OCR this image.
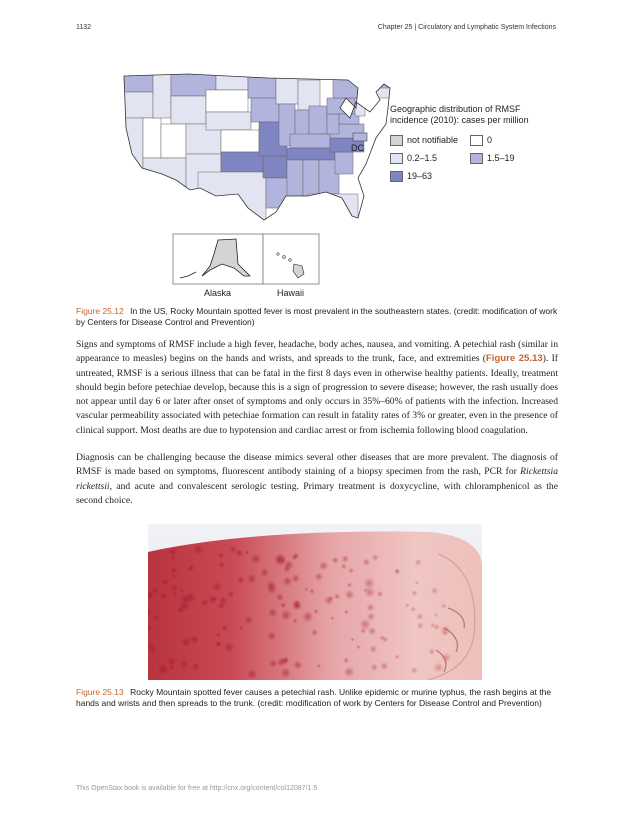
1132	Chapter 25 | Circulatory and Lymphatic System Infections
DC
Geographic distribution of RMSF incidence (2010): cases per million
not notifiable	0
0.2–1.5	1.5–19
19–63
Alaska	Hawaii
Figure 25.12 In the US, Rocky Mountain spotted fever is most prevalent in the southeastern states. (credit: modification of work by Centers for Disease Control and Prevention)

Signs and symptoms of RMSF include a high fever, headache, body aches, nausea, and vomiting. A petechial rash (similar in appearance to measles) begins on the hands and wrists, and spreads to the trunk, face, and extremities (Figure 25.13). If untreated, RMSF is a serious illness that can be fatal in the first 8 days even in otherwise healthy patients. Ideally, treatment should begin before petechiae develop, because this is a sign of progression to severe disease; however, the rash usually does not appear until day 6 or later after onset of symptoms and only occurs in 35%–60% of patients with the infection. Increased vascular permeability associated with petechiae formation can result in fatality rates of 3% or greater, even in the presence of clinical support. Most deaths are due to hypotension and cardiac arrest or from ischemia following blood coagulation.

Diagnosis can be challenging because the disease mimics several other diseases that are more prevalent. The diagnosis of RMSF is made based on symptoms, fluorescent antibody staining of a biopsy specimen from the rash, PCR for Rickettsia rickettsii, and acute and convalescent serologic testing. Primary treatment is doxycycline, with chloramphenicol as the second choice.

Figure 25.13 Rocky Mountain spotted fever causes a petechial rash. Unlike epidemic or murine typhus, the rash begins at the hands and wrists and then spreads to the trunk. (credit: modification of work by Centers for Disease Control and Prevention)
This OpenStax book is available for free at http://cnx.org/content/col12087/1.5
